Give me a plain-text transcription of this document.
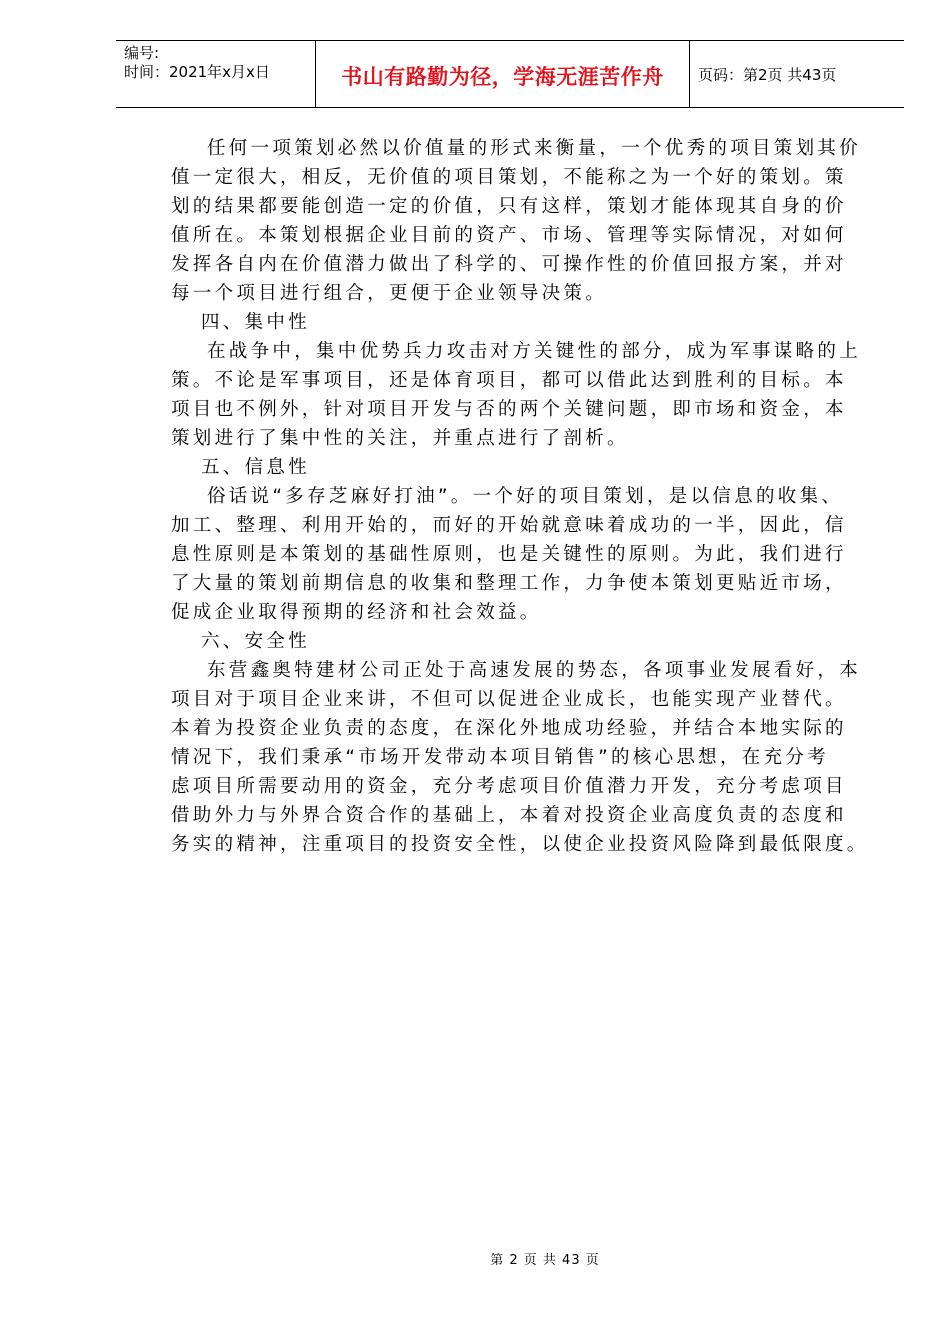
编号:
时间：2021年x月x日	书山有路勤为径，学海无涯苦作舟	页码：第2页 共43页
任何一项策划必然以价值量的形式来衡量，一个优秀的项目策划其价
值一定很大，相反，无价值的项目策划，不能称之为一个好的策划。策
划的结果都要能创造一定的价值，只有这样，策划才能体现其自身的价
值所在。本策划根据企业目前的资产、市场、管理等实际情况，对如何
发挥各自内在价值潜力做出了科学的、可操作性的价值回报方案，并对
每一个项目进行组合，更便于企业领导决策。
四、集中性
在战争中，集中优势兵力攻击对方关键性的部分，成为军事谋略的上
策。不论是军事项目，还是体育项目，都可以借此达到胜利的目标。本
项目也不例外，针对项目开发与否的两个关键问题，即市场和资金，本
策划进行了集中性的关注，并重点进行了剖析。
五、信息性
俗话说“多存芝麻好打油”。一个好的项目策划，是以信息的收集、
加工、整理、利用开始的，而好的开始就意味着成功的一半，因此，信
息性原则是本策划的基础性原则，也是关键性的原则。为此，我们进行
了大量的策划前期信息的收集和整理工作，力争使本策划更贴近市场，
促成企业取得预期的经济和社会效益。
六、安全性
东营鑫奥特建材公司正处于高速发展的势态，各项事业发展看好，本
项目对于项目企业来讲，不但可以促进企业成长，也能实现产业替代。
本着为投资企业负责的态度，在深化外地成功经验，并结合本地实际的
情况下，我们秉承“市场开发带动本项目销售”的核心思想，在充分考
虑项目所需要动用的资金，充分考虑项目价值潜力开发，充分考虑项目
借助外力与外界合资合作的基础上，本着对投资企业高度负责的态度和
务实的精神，注重项目的投资安全性，以使企业投资风险降到最低限度。
第 2 页 共 43 页
